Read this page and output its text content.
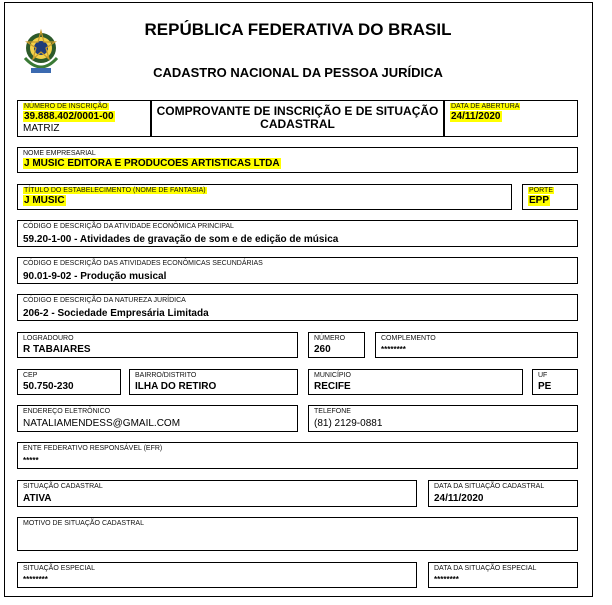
REPÚBLICA FEDERATIVA DO BRASIL
CADASTRO NACIONAL DA PESSOA JURÍDICA
NÚMERO DE INSCRIÇÃO
39.888.402/0001-00
MATRIZ
COMPROVANTE DE INSCRIÇÃO E DE SITUAÇÃO
CADASTRAL
DATA DE ABERTURA
24/11/2020
NOME EMPRESARIAL
J MUSIC EDITORA E PRODUCOES ARTISTICAS LTDA
TÍTULO DO ESTABELECIMENTO (NOME DE FANTASIA)
J MUSIC
PORTE
EPP
CÓDIGO E DESCRIÇÃO DA ATIVIDADE ECONÔMICA PRINCIPAL
59.20-1-00 - Atividades de gravação de som e de edição de música
CÓDIGO E DESCRIÇÃO DAS ATIVIDADES ECONÔMICAS SECUNDÁRIAS
90.01-9-02 - Produção musical
CÓDIGO E DESCRIÇÃO DA NATUREZA JURÍDICA
206-2 - Sociedade Empresária Limitada
LOGRADOURO
R TABAIARES
NÚMERO
260
COMPLEMENTO
********
CEP
50.750-230
BAIRRO/DISTRITO
ILHA DO RETIRO
MUNICÍPIO
RECIFE
UF
PE
ENDEREÇO ELETRÔNICO
NATALIAMENDESS@GMAIL.COM
TELEFONE
(81) 2129-0881
ENTE FEDERATIVO RESPONSÁVEL (EFR)
*****
SITUAÇÃO CADASTRAL
ATIVA
DATA DA SITUAÇÃO CADASTRAL
24/11/2020
MOTIVO DE SITUAÇÃO CADASTRAL
SITUAÇÃO ESPECIAL
********
DATA DA SITUAÇÃO ESPECIAL
********
